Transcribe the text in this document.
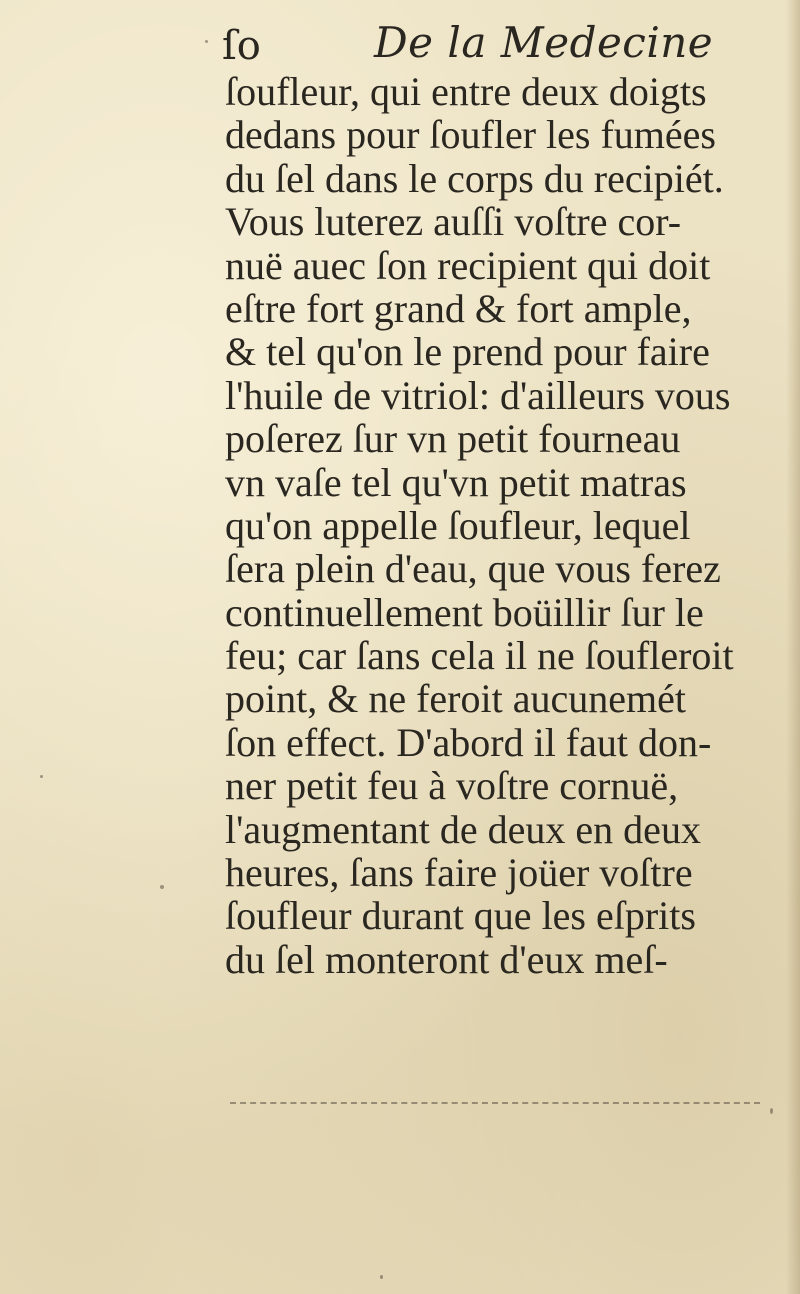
ſo	De la Medecine
ſoufleur, qui entre deux doigts
dedans pour ſoufler les fumées
du ſel dans le corps du recipiét.
Vous luterez auſſi voſtre cor-
nuë auec ſon recipient qui doit
eſtre fort grand & fort ample,
& tel qu'on le prend pour faire
l'huile de vitriol: d'ailleurs vous
poſerez ſur vn petit fourneau
vn vaſe tel qu'vn petit matras
qu'on appelle ſoufleur, lequel
ſera plein d'eau, que vous ferez
continuellement boüillir ſur le
feu; car ſans cela il ne ſoufleroit
point, & ne feroit aucunemét
ſon effect. D'abord il faut don-
ner petit feu à voſtre cornuë,
l'augmentant de deux en deux
heures, ſans faire joüer voſtre
ſoufleur durant que les eſprits
du ſel monteront d'eux meſ-
